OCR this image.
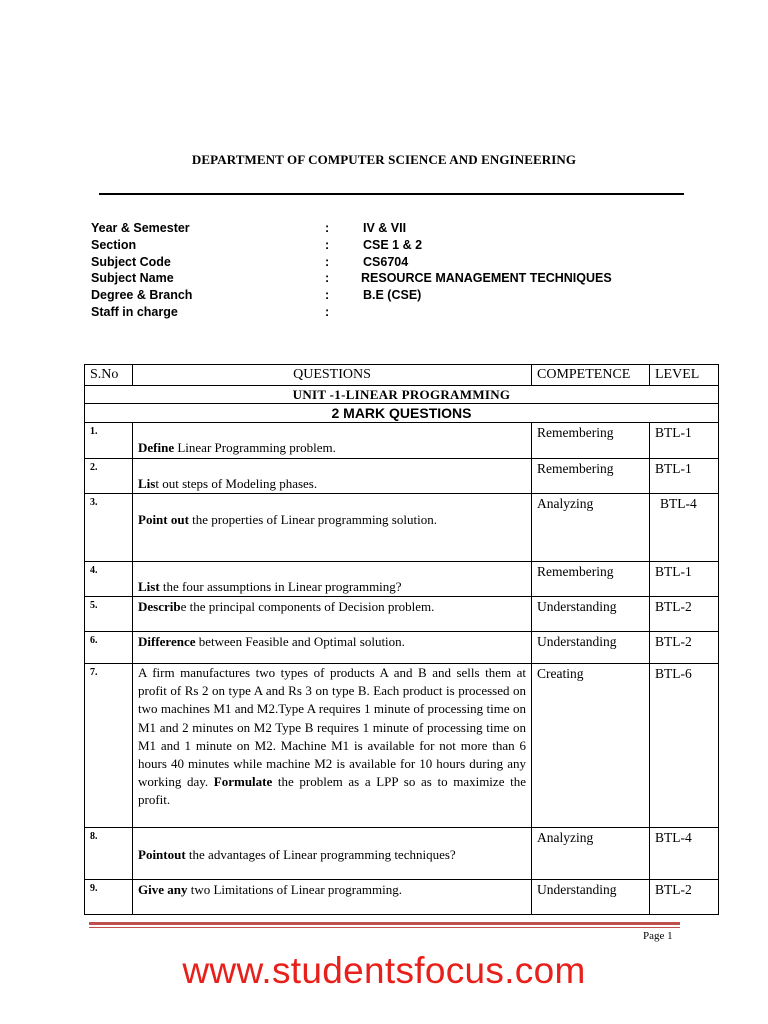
DEPARTMENT OF COMPUTER SCIENCE AND ENGINEERING
Year & Semester	:	IV & VII
Section	:	CSE 1 & 2
Subject Code	:	CS6704
Subject Name	:	RESOURCE MANAGEMENT TECHNIQUES
Degree & Branch	:	B.E (CSE)
Staff in charge	:
S.No	QUESTIONS	COMPETENCE	LEVEL
UNIT -1-LINEAR PROGRAMMING			
2 MARK QUESTIONS			
1.	Define Linear Programming problem.	Remembering	BTL-1
2.	List out steps of Modeling phases.	Remembering	BTL-1
3.	Point out the properties of Linear programming solution.	Analyzing	BTL-4
4.	List the four assumptions in Linear programming?	Remembering	BTL-1
5.	Describe the principal components of Decision problem.	Understanding	BTL-2
6.	Difference between Feasible and Optimal solution.	Understanding	BTL-2
7.	A firm manufactures two types of products A and B and sells them at profit of Rs 2 on type A and Rs 3 on type B. Each product is processed on two machines M1 and M2.Type A requires 1 minute of processing time on M1 and 2 minutes on M2 Type B requires 1 minute of processing time on M1 and 1 minute on M2. Machine M1 is available for not more than 6 hours 40 minutes while machine M2 is available for 10 hours during any working day. Formulate the problem as a LPP so as to maximize the profit.	Creating	BTL-6
8.	Pointout the advantages of Linear programming techniques?	Analyzing	BTL-4
9.	Give any two Limitations of Linear programming.	Understanding	BTL-2
Page 1
www.studentsfocus.com
